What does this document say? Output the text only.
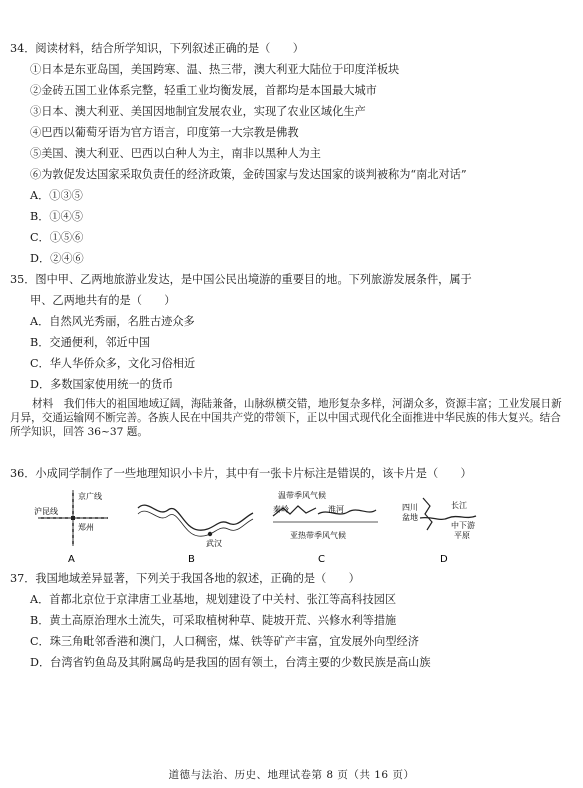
34．阅读材料，结合所学知识，下列叙述正确的是（　　）
①日本是东亚岛国，美国跨寒、温、热三带，澳大利亚大陆位于印度洋板块
②金砖五国工业体系完整，轻重工业均衡发展，首都均是本国最大城市
③日本、澳大利亚、美国因地制宜发展农业，实现了农业区域化生产
④巴西以葡萄牙语为官方语言，印度第一大宗教是佛教
⑤美国、澳大利亚、巴西以白种人为主，南非以黑种人为主
⑥为敦促发达国家采取负责任的经济政策，金砖国家与发达国家的谈判被称为“南北对话”
A．①③⑤
B．①④⑤
C．①⑤⑥
D．②④⑥
35．图中甲、乙两地旅游业发达，是中国公民出境游的重要目的地。下列旅游发展条件，属于
甲、乙两地共有的是（　　）
A．自然风光秀丽，名胜古迹众多
B．交通便利，邻近中国
C．华人华侨众多，文化习俗相近
D．多数国家使用统一的货币
材料　我们伟大的祖国地域辽阔，海陆兼备，山脉纵横交错，地形复杂多样，河湖众多，资源丰富；工业发展日新月异，交通运输网不断完善。各族人民在中国共产党的带领下，正以中国式现代化全面推进中华民族的伟大复兴。结合所学知识，回答 36~37 题。
36．小成同学制作了一些地理知识小卡片，其中有一张卡片标注是错误的，该卡片是（　　）
京广线
沪昆线
郑州
A
武汉
B
温带季风气候
秦岭	淮河
亚热带季风气候
C
四川
盆地
长江
中下游
平原
D
37．我国地域差异显著，下列关于我国各地的叙述，正确的是（　　）
A．首都北京位于京津唐工业基地，规划建设了中关村、张江等高科技园区
B．黄土高原治理水土流失，可采取植树种草、陡坡开荒、兴修水利等措施
C．珠三角毗邻香港和澳门，人口稠密，煤、铁等矿产丰富，宜发展外向型经济
D．台湾省钓鱼岛及其附属岛屿是我国的固有领土，台湾主要的少数民族是高山族
道德与法治、历史、地理试卷第 8 页（共 16 页）
